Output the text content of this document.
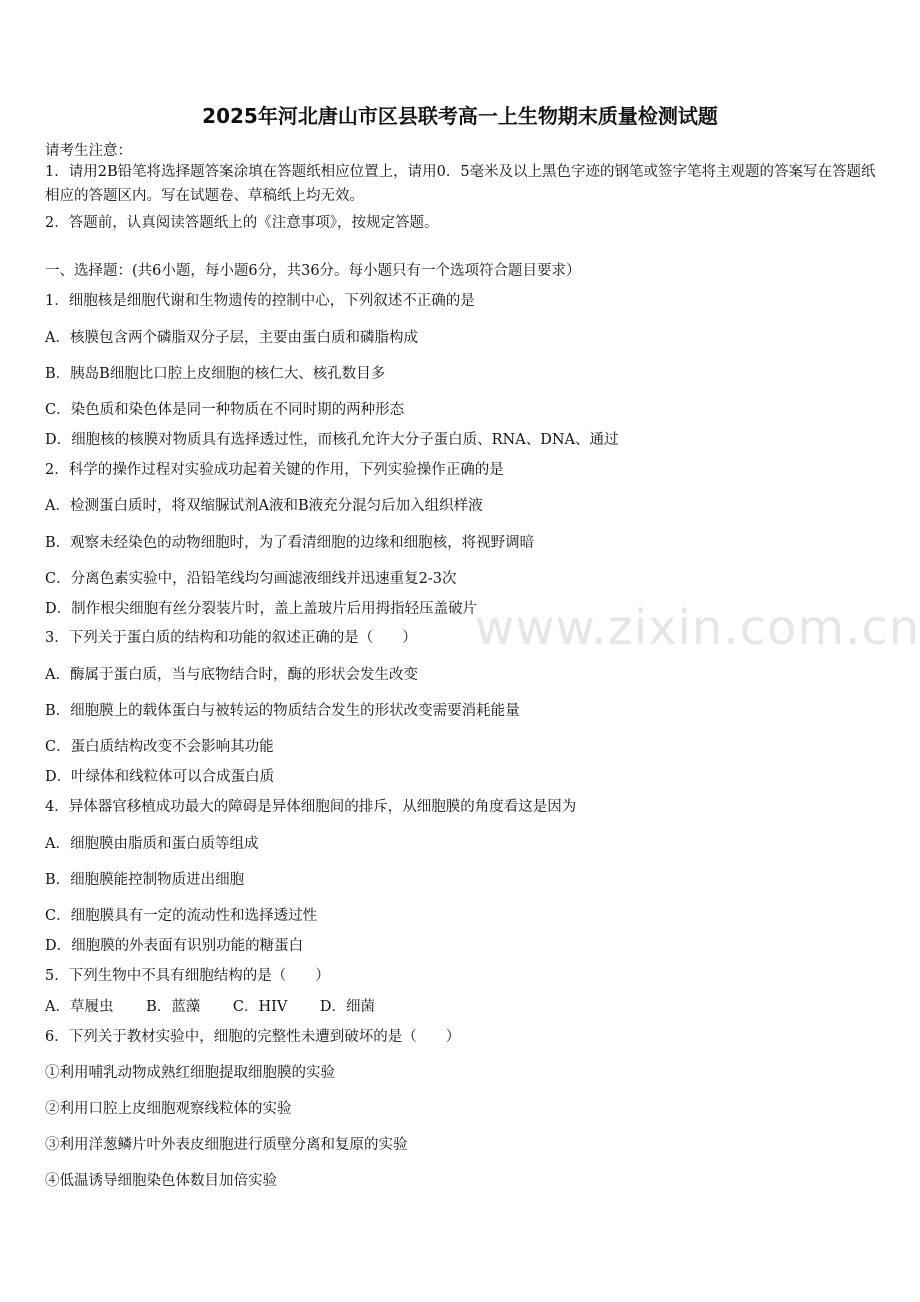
www.zixin.com.cn
2025年河北唐山市区县联考高一上生物期末质量检测试题
请考生注意：
1．请用2B铅笔将选择题答案涂填在答题纸相应位置上，请用0．5毫米及以上黑色字迹的钢笔或签字笔将主观题的答案写在答题纸相应的答题区内。写在试题卷、草稿纸上均无效。
2．答题前，认真阅读答题纸上的《注意事项》，按规定答题。
一、选择题：(共6小题，每小题6分，共36分。每小题只有一个选项符合题目要求）
1．细胞核是细胞代谢和生物遗传的控制中心，下列叙述不正确的是
A．核膜包含两个磷脂双分子层，主要由蛋白质和磷脂构成
B．胰岛B细胞比口腔上皮细胞的核仁大、核孔数目多
C．染色质和染色体是同一种物质在不同时期的两种形态
D．细胞核的核膜对物质具有选择透过性，而核孔允许大分子蛋白质、RNA、DNA、通过
2．科学的操作过程对实验成功起着关键的作用，下列实验操作正确的是
A．检测蛋白质时，将双缩脲试剂A液和B液充分混匀后加入组织样液
B．观察未经染色的动物细胞时，为了看清细胞的边缘和细胞核，将视野调暗
C．分离色素实验中，沿铅笔线均匀画滤液细线并迅速重复2-3次
D．制作根尖细胞有丝分裂装片时，盖上盖玻片后用拇指轻压盖破片
3．下列关于蛋白质的结构和功能的叙述正确的是（　　）
A．酶属于蛋白质，当与底物结合时，酶的形状会发生改变
B．细胞膜上的载体蛋白与被转运的物质结合发生的形状改变需要消耗能量
C．蛋白质结构改变不会影响其功能
D．叶绿体和线粒体可以合成蛋白质
4．异体器官移植成功最大的障碍是异体细胞间的排斥，从细胞膜的角度看这是因为
A．细胞膜由脂质和蛋白质等组成
B．细胞膜能控制物质进出细胞
C．细胞膜具有一定的流动性和选择透过性
D．细胞膜的外表面有识别功能的糖蛋白
5．下列生物中不具有细胞结构的是（　　）
A．草履虫 B．蓝藻 C．HIV D．细菌
6．下列关于教材实验中，细胞的完整性未遭到破坏的是（　　）
①利用哺乳动物成熟红细胞提取细胞膜的实验
②利用口腔上皮细胞观察线粒体的实验
③利用洋葱鳞片叶外表皮细胞进行质壁分离和复原的实验
④低温诱导细胞染色体数目加倍实验
